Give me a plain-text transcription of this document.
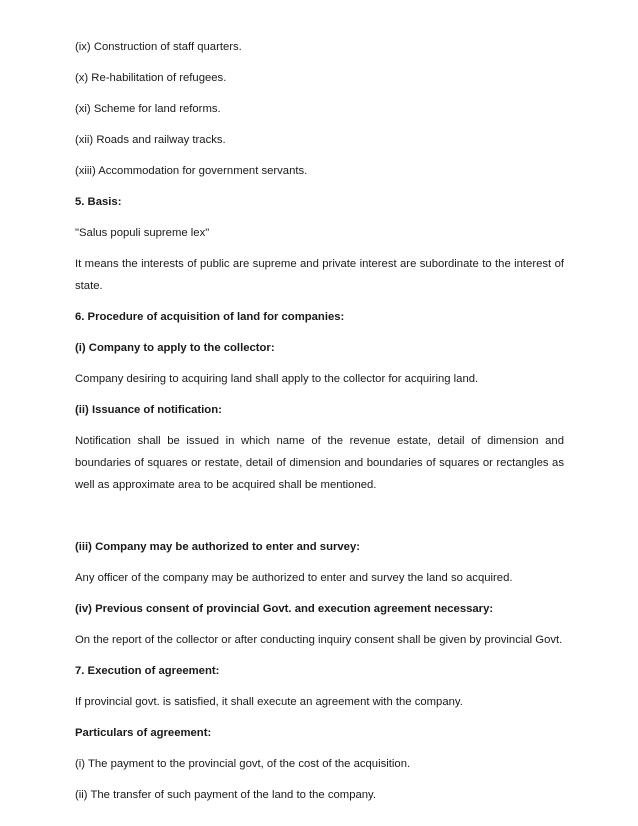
(ix) Construction of staff quarters.

(x) Re-habilitation of refugees.

(xi) Scheme for land reforms.

(xii) Roads and railway tracks.

(xiii) Accommodation for government servants.

5. Basis:

"Salus populi supreme lex"

It means the interests of public are supreme and private interest are subordinate to the interest of state.

6. Procedure of acquisition of land for companies:

(i) Company to apply to the collector:

Company desiring to acquiring land shall apply to the collector for acquiring land.

(ii) Issuance of notification:

Notification shall be issued in which name of the revenue estate, detail of dimension and boundaries of squares or restate, detail of dimension and boundaries of squares or rectangles as well as approximate area to be acquired shall be mentioned.

(iii) Company may be authorized to enter and survey:

Any officer of the company may be authorized to enter and survey the land so acquired.

(iv) Previous consent of provincial Govt. and execution agreement necessary:

On the report of the collector or after conducting inquiry consent shall be given by provincial Govt.

7. Execution of agreement:

If provincial govt. is satisfied, it shall execute an agreement with the company.

Particulars of agreement:

(i) The payment to the provincial govt, of the cost of the acquisition.

(ii) The transfer of such payment of the land to the company.
